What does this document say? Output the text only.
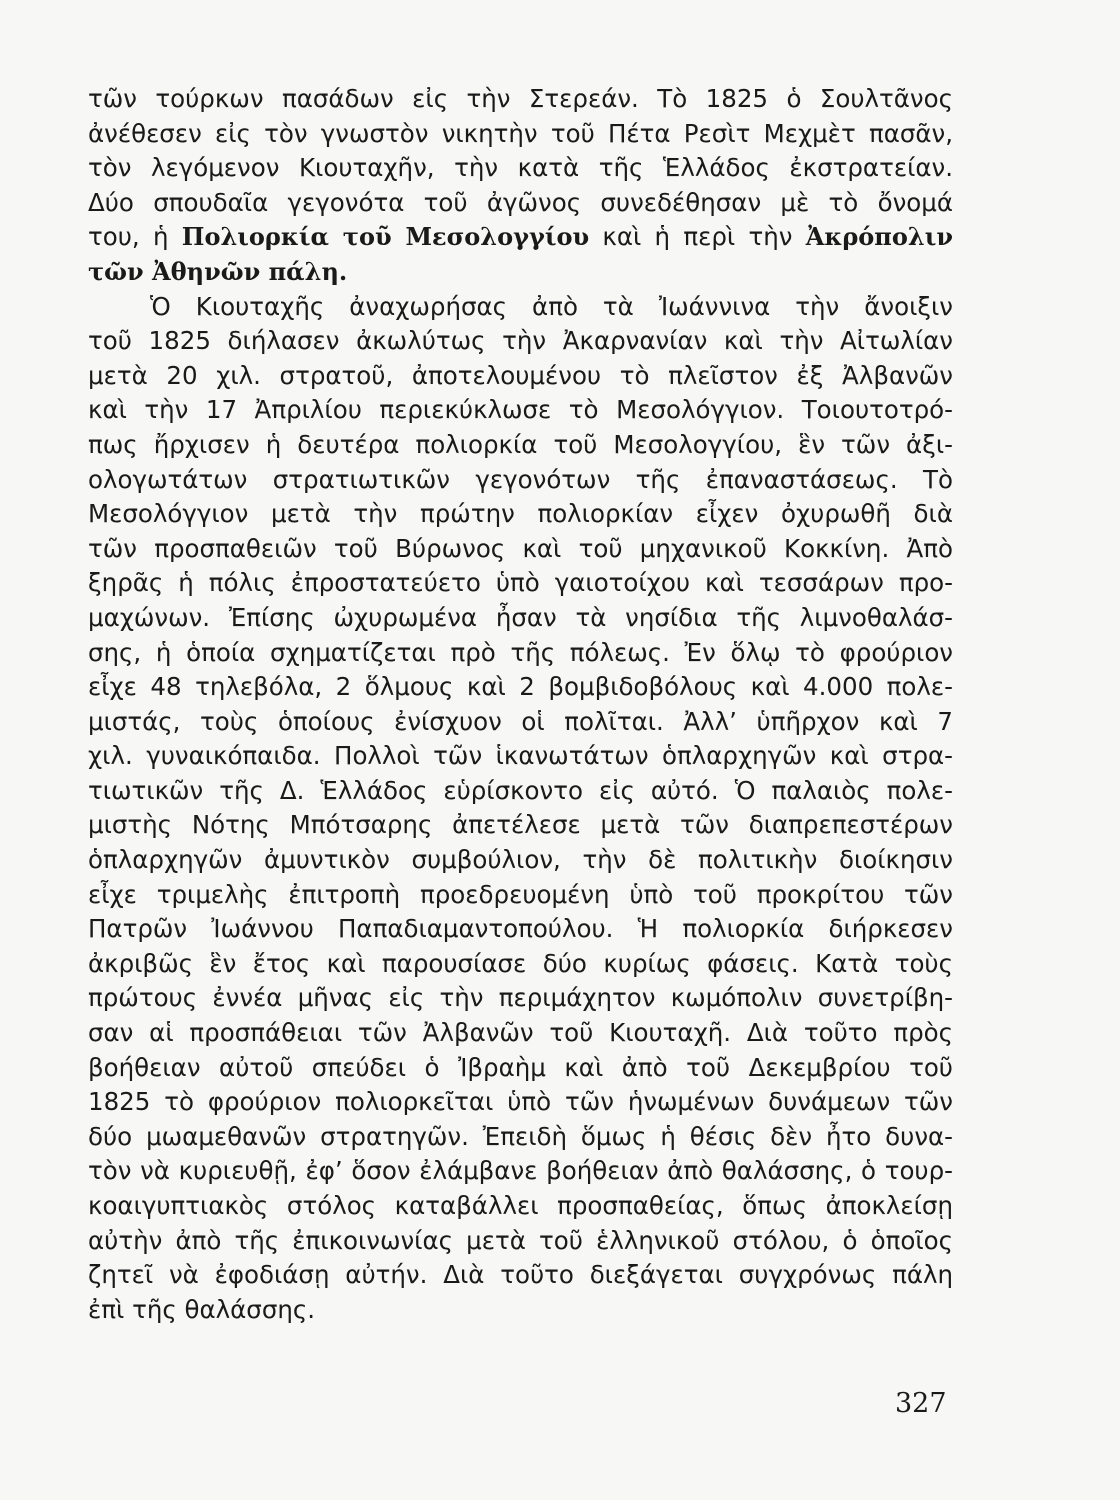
τῶν τούρκων πασάδων εἰς τὴν Στερεάν. Τὸ 1825 ὁ Σουλτᾶνος
ἀνέθεσεν εἰς τὸν γνωστὸν νικητὴν τοῦ Πέτα Ρεσὶτ Μεχμὲτ πασᾶν,
τὸν λεγόμενον Κιουταχῆν, τὴν κατὰ τῆς Ἑλλάδος ἐκστρατείαν.
Δύο σπουδαῖα γεγονότα τοῦ ἀγῶνος συνεδέθησαν μὲ τὸ ὄνομά
του, ἡ Πολιορκία τοῦ Μεσολογγίου καὶ ἡ περὶ τὴν Ἀκρόπολιν
τῶν Ἀθηνῶν πάλη.
Ὁ Κιουταχῆς ἀναχωρήσας ἀπὸ τὰ Ἰωάννινα τὴν ἄνοιξιν
τοῦ 1825 διήλασεν ἀκωλύτως τὴν Ἀκαρνανίαν καὶ τὴν Αἰτωλίαν
μετὰ 20 χιλ. στρατοῦ, ἀποτελουμένου τὸ πλεῖστον ἐξ Ἀλβανῶν
καὶ τὴν 17 Ἀπριλίου περιεκύκλωσε τὸ Μεσολόγγιον. Τοιουτοτρό-
πως ἤρχισεν ἡ δευτέρα πολιορκία τοῦ Μεσολογγίου, ἓν τῶν ἀξι-
ολογωτάτων στρατιωτικῶν γεγονότων τῆς ἐπαναστάσεως. Τὸ
Μεσολόγγιον μετὰ τὴν πρώτην πολιορκίαν εἶχεν ὀχυρωθῆ διὰ
τῶν προσπαθειῶν τοῦ Βύρωνος καὶ τοῦ μηχανικοῦ Κοκκίνη. Ἀπὸ
ξηρᾶς ἡ πόλις ἐπροστατεύετο ὑπὸ γαιοτοίχου καὶ τεσσάρων προ-
μαχώνων. Ἐπίσης ὠχυρωμένα ἦσαν τὰ νησίδια τῆς λιμνοθαλάσ-
σης, ἡ ὁποία σχηματίζεται πρὸ τῆς πόλεως. Ἐν ὅλῳ τὸ φρούριον
εἶχε 48 τηλεβόλα, 2 ὅλμους καὶ 2 βομβιδοβόλους καὶ 4.000 πολε-
μιστάς, τοὺς ὁποίους ἐνίσχυον οἱ πολῖται. Ἀλλ’ ὑπῆρχον καὶ 7
χιλ. γυναικόπαιδα. Πολλοὶ τῶν ἱκανωτάτων ὁπλαρχηγῶν καὶ στρα-
τιωτικῶν τῆς Δ. Ἑλλάδος εὑρίσκοντο εἰς αὐτό. Ὁ παλαιὸς πολε-
μιστὴς Νότης Μπότσαρης ἀπετέλεσε μετὰ τῶν διαπρεπεστέρων
ὁπλαρχηγῶν ἀμυντικὸν συμβούλιον, τὴν δὲ πολιτικὴν διοίκησιν
εἶχε τριμελὴς ἐπιτροπὴ προεδρευομένη ὑπὸ τοῦ προκρίτου τῶν
Πατρῶν Ἰωάννου Παπαδιαμαντοπούλου. Ἡ πολιορκία διήρκεσεν
ἀκριβῶς ἓν ἔτος καὶ παρουσίασε δύο κυρίως φάσεις. Κατὰ τοὺς
πρώτους ἐννέα μῆνας εἰς τὴν περιμάχητον κωμόπολιν συνετρίβη-
σαν αἱ προσπάθειαι τῶν Ἀλβανῶν τοῦ Κιουταχῆ. Διὰ τοῦτο πρὸς
βοήθειαν αὐτοῦ σπεύδει ὁ Ἰβραὴμ καὶ ἀπὸ τοῦ Δεκεμβρίου τοῦ
1825 τὸ φρούριον πολιορκεῖται ὑπὸ τῶν ἡνωμένων δυνάμεων τῶν
δύο μωαμεθανῶν στρατηγῶν. Ἐπειδὴ ὅμως ἡ θέσις δὲν ἦτο δυνα-
τὸν νὰ κυριευθῇ, ἐφ’ ὅσον ἐλάμβανε βοήθειαν ἀπὸ θαλάσσης, ὁ τουρ-
κοαιγυπτιακὸς στόλος καταβάλλει προσπαθείας, ὅπως ἀποκλείσῃ
αὐτὴν ἀπὸ τῆς ἐπικοινωνίας μετὰ τοῦ ἑλληνικοῦ στόλου, ὁ ὁποῖος
ζητεῖ νὰ ἐφοδιάσῃ αὐτήν. Διὰ τοῦτο διεξάγεται συγχρόνως πάλη
ἐπὶ τῆς θαλάσσης.
327
